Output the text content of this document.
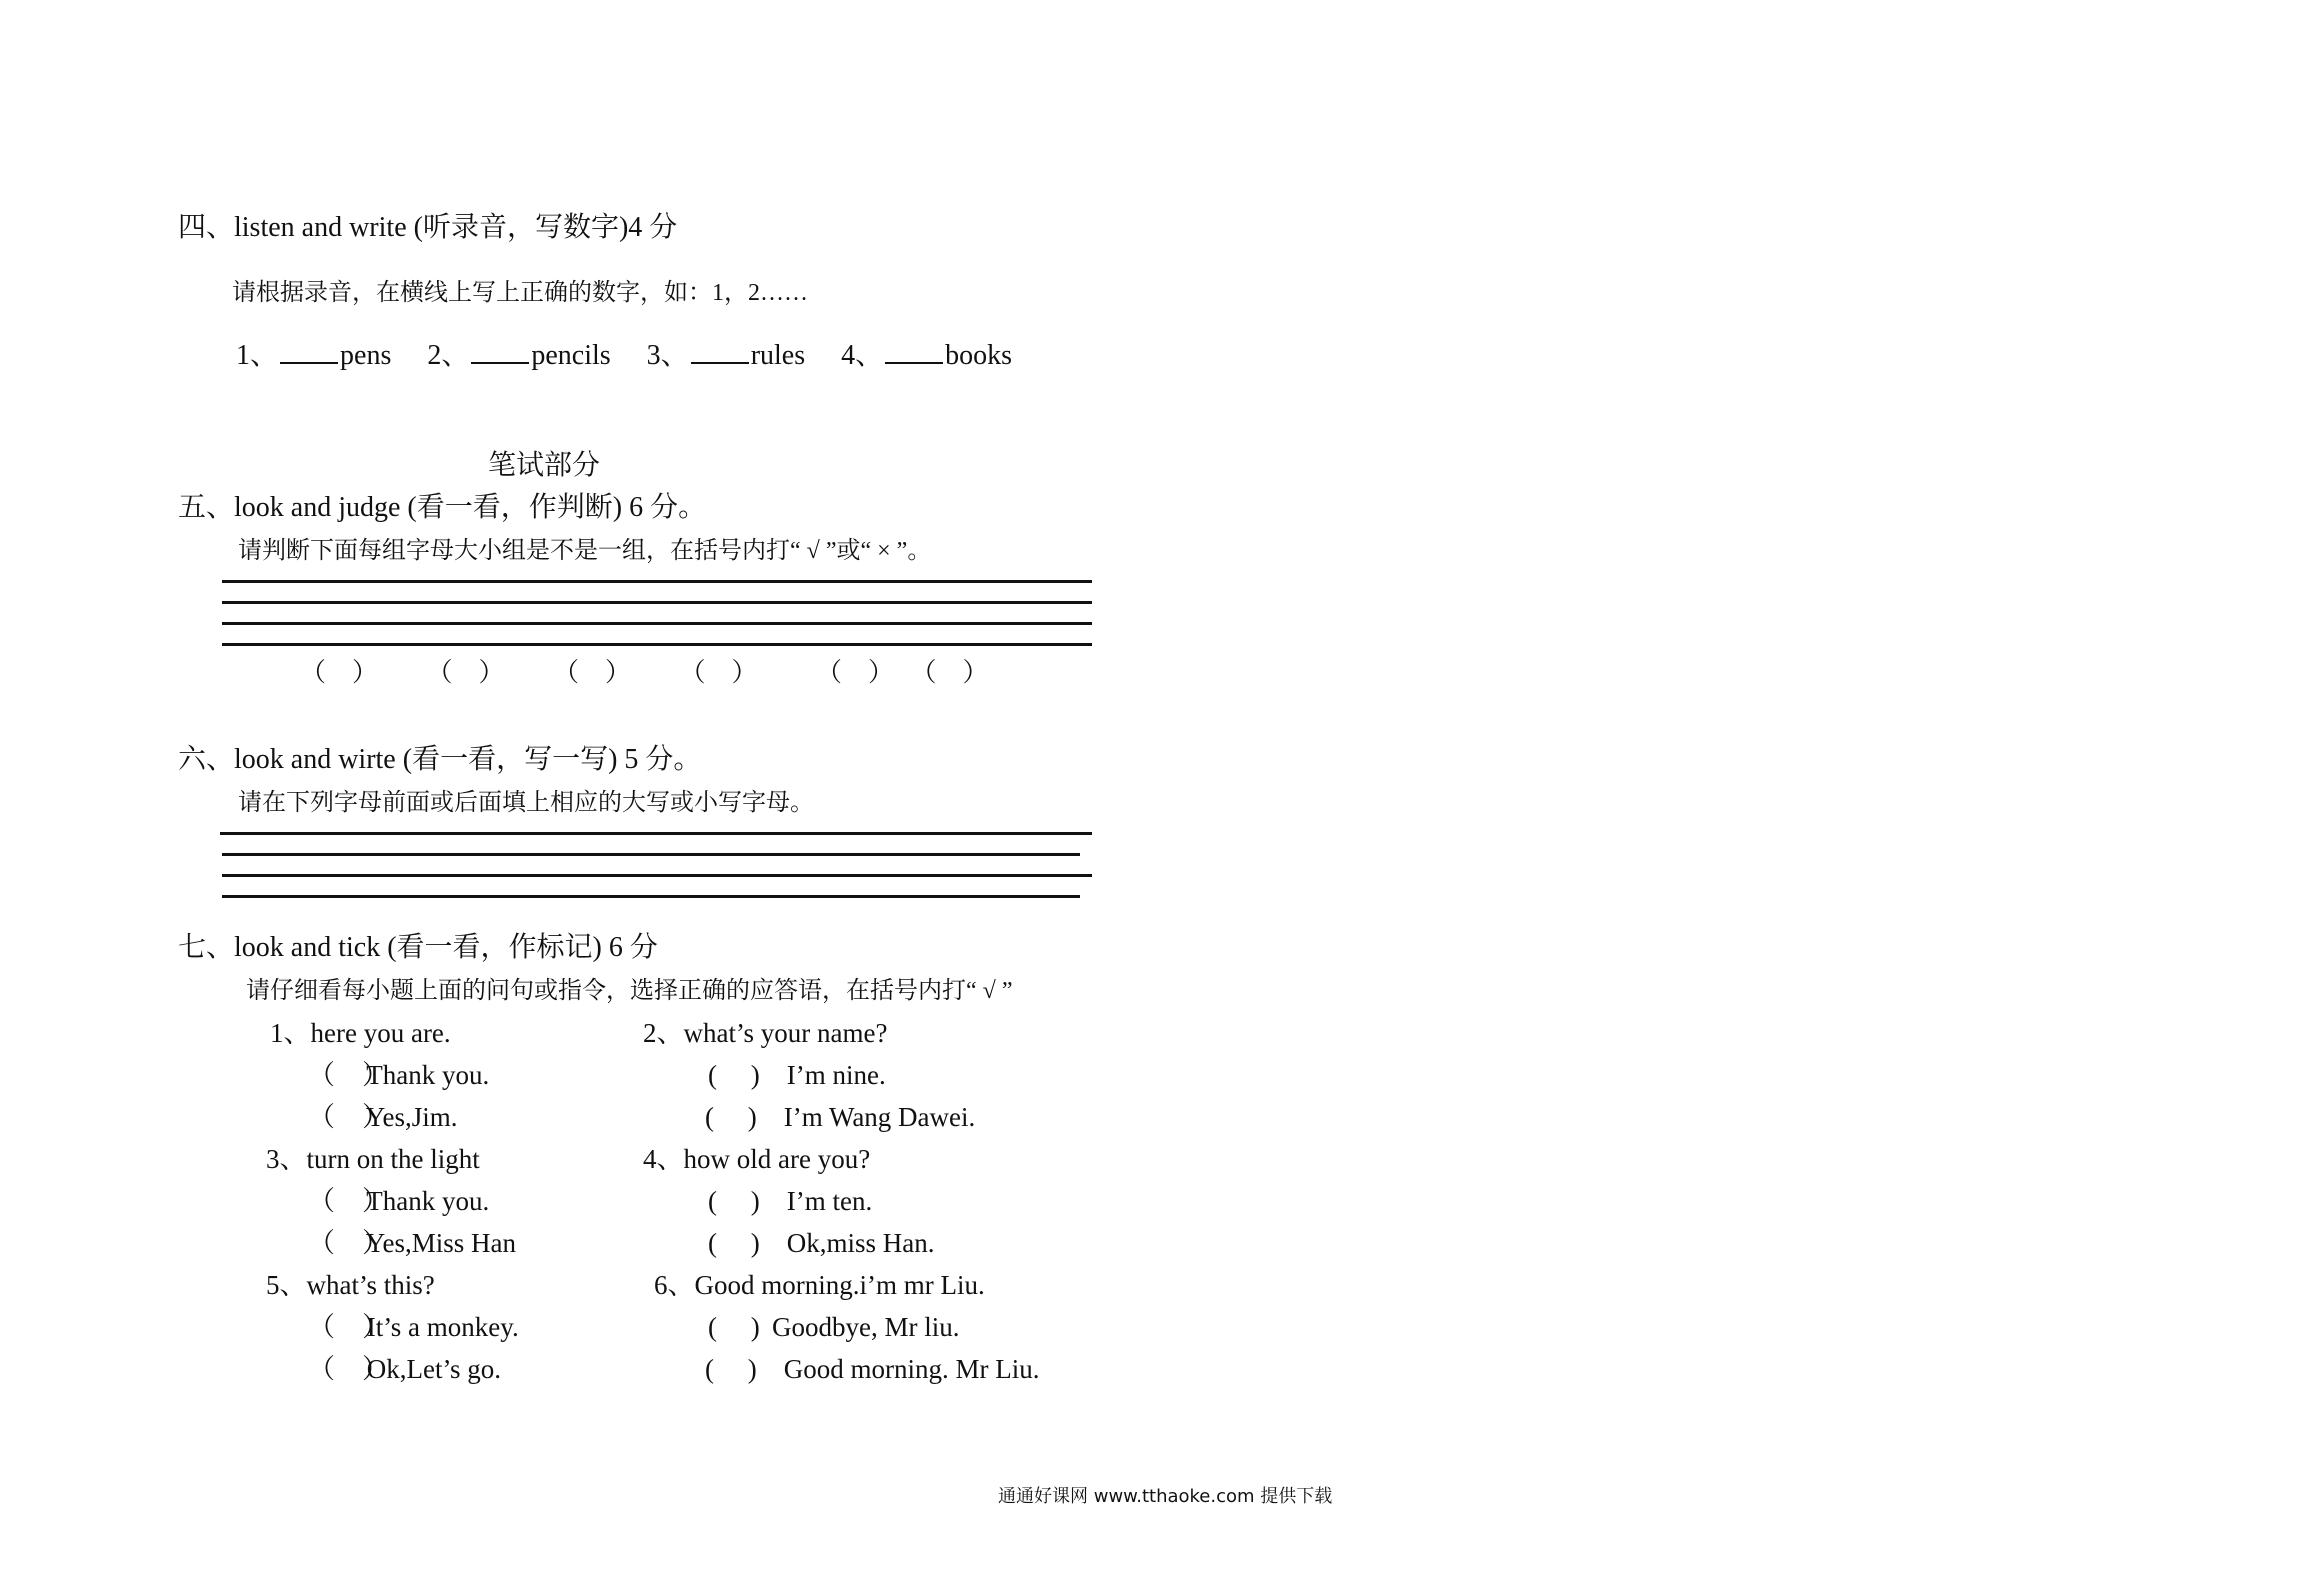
四、listen and write (听录音，写数字)4 分
请根据录音，在横线上写上正确的数字，如：1，2……
1、 pens 2、 pencils 3、 rules 4、 books
笔试部分
五、look and judge (看一看，作判断) 6 分。
请判断下面每组字母大小组是不是一组，在括号内打“ √ ”或“ × ”。
（　） （　） （　） （　） （　） （　）
六、look and wirte (看一看，写一写) 5 分。
请在下列字母前面或后面填上相应的大写或小写字母。
七、look and tick (看一看，作标记) 6 分
请仔细看每小题上面的问句或指令，选择正确的应答语，在括号内打“ √ ”
1、here you are.
（　） Thank you.
（　） Yes,Jim.
2、what’s your name?
(　 ) I’m nine.
(　 ) I’m Wang Dawei.
3、turn on the light
（　） Thank you.
（　） Yes,Miss Han
4、how old are you?
(　 ) I’m ten.
(　 ) Ok,miss Han.
5、what’s this?
（　） It’s a monkey.
（　） Ok,Let’s go.
6、Good morning.i’m mr Liu.
(　 ) Goodbye, Mr liu.
(　 ) Good morning. Mr Liu.
通通好课网 www.tthaoke.com 提供下载
